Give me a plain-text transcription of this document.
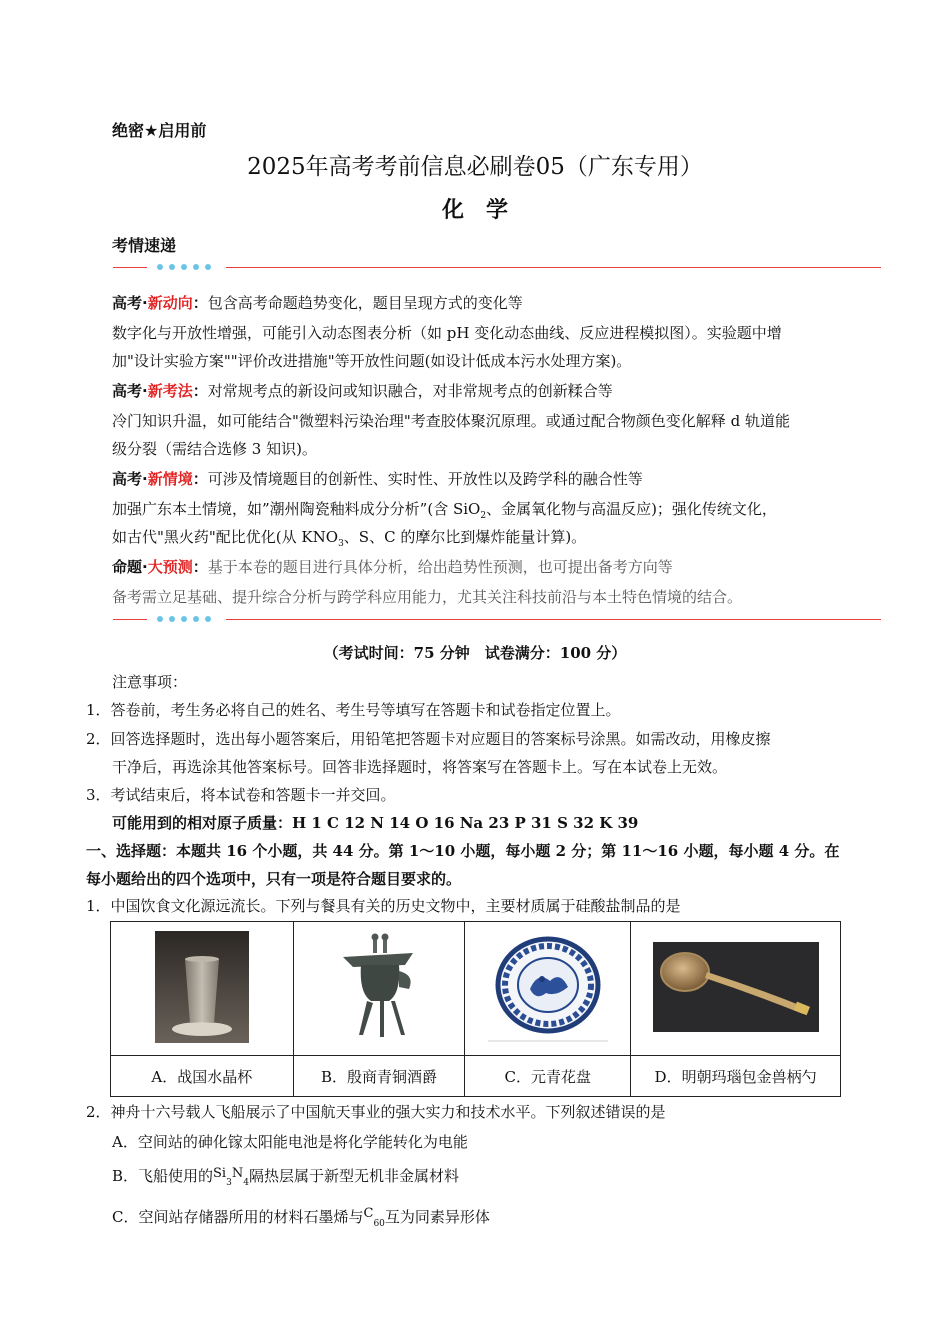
绝密★启用前
2025年高考考前信息必刷卷05（广东专用）
化　学
考情速递
高考·新动向：包含高考命题趋势变化，题目呈现方式的变化等
数字化与开放性增强，可能引入动态图表分析（如 pH 变化动态曲线、反应进程模拟图）。实验题中增
加"设计实验方案""评价改进措施"等开放性问题(如设计低成本污水处理方案)。
高考·新考法：对常规考点的新设问或知识融合，对非常规考点的创新糅合等
冷门知识升温，如可能结合"微塑料污染治理"考查胶体聚沉原理。或通过配合物颜色变化解释 d 轨道能
级分裂（需结合选修 3 知识)。
高考·新情境：可涉及情境题目的创新性、实时性、开放性以及跨学科的融合性等
加强广东本土情境，如”潮州陶瓷釉料成分分析”(含 SiO$_2$、金属氧化物与高温反应)；强化传统文化，
如古代"黑火药"配比优化(从 $KNO_3$、S、C 的摩尔比到爆炸能量计算)。
命题·大预测：基于本卷的题目进行具体分析，给出趋势性预测，也可提出备考方向等
备考需立足基础、提升综合分析与跨学科应用能力，尤其关注科技前沿与本土特色情境的结合。
（考试时间：75 分钟　试卷满分：100 分）
注意事项：
1．答卷前，考生务必将自己的姓名、考生号等填写在答题卡和试卷指定位置上。
2．回答选择题时，选出每小题答案后，用铅笔把答题卡对应题目的答案标号涂黑。如需改动，用橡皮擦
干净后，再选涂其他答案标号。回答非选择题时，将答案写在答题卡上。写在本试卷上无效。
3．考试结束后，将本试卷和答题卡一并交回。
可能用到的相对原子质量：H 1 C 12 N 14 O 16 Na 23 P 31 S 32 K 39
一、选择题：本题共 16 个小题，共 44 分。第 1～10 小题，每小题 2 分；第 11～16 小题，每小题 4 分。在
每小题给出的四个选项中，只有一项是符合题目要求的。
1．中国饮食文化源远流长。下列与餐具有关的历史文物中，主要材质属于硅酸盐制品的是

A．战国水晶杯	B．殷商青铜酒爵	C．元青花盘	D．明朝玛瑙包金兽柄勺
2．神舟十六号载人飞船展示了中国航天事业的强大实力和技术水平。下列叙述错误的是
A．空间站的砷化镓太阳能电池是将化学能转化为电能
B．飞船使用的$Si_3N_4$隔热层属于新型无机非金属材料
C．空间站存储器所用的材料石墨烯与$C_{60}$互为同素异形体
